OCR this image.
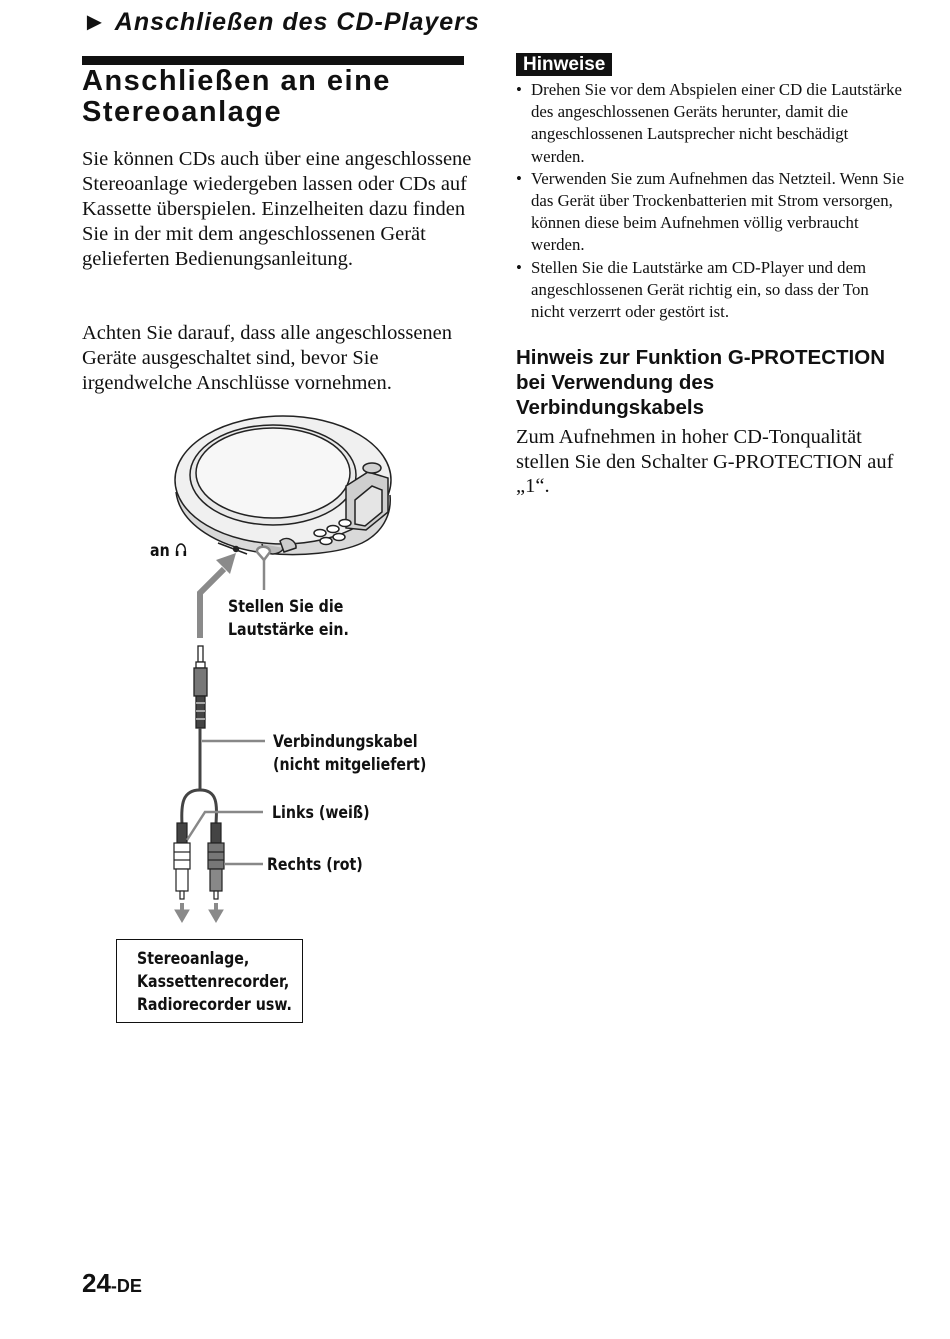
► Anschließen des CD-Players
Anschließen an eine
Stereoanlage

Sie können CDs auch über eine angeschlossene Stereoanlage wiedergeben lassen oder CDs auf Kassette überspielen. Einzelheiten dazu finden Sie in der mit dem angeschlossenen Gerät gelieferten Bedienungsanleitung.

Achten Sie darauf, dass alle angeschlossenen Geräte ausgeschaltet sind, bevor Sie irgendwelche Anschlüsse vornehmen.

an
Stellen Sie die
Lautstärke ein.
Verbindungskabel
(nicht mitgeliefert)
Links (weiß)
Rechts (rot)
Stereoanlage,
Kassettenrecorder,
Radiorecorder usw.
Hinweise
• Drehen Sie vor dem Abspielen einer CD die Lautstärke des angeschlossenen Geräts herunter, damit die angeschlossenen Lautsprecher nicht beschädigt werden.
• Verwenden Sie zum Aufnehmen das Netzteil. Wenn Sie das Gerät über Trockenbatterien mit Strom versorgen, können diese beim Aufnehmen völlig verbraucht werden.
• Stellen Sie die Lautstärke am CD-Player und dem angeschlossenen Gerät richtig ein, so dass der Ton nicht verzerrt oder gestört ist.
Hinweis zur Funktion G-PROTECTION
bei Verwendung des
Verbindungskabels

Zum Aufnehmen in hoher CD-Tonqualität stellen Sie den Schalter G-PROTECTION auf „1“.

24-DE
